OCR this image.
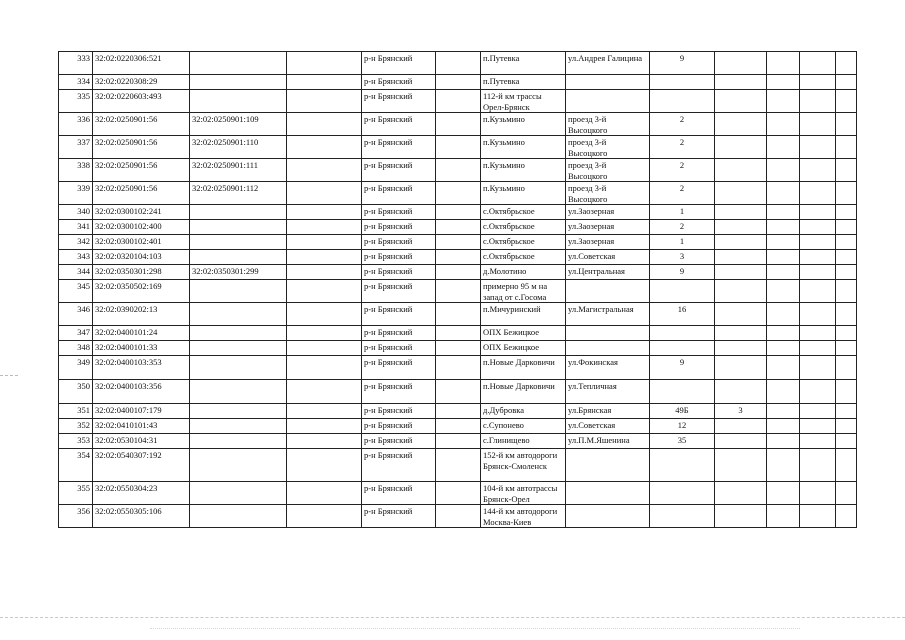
333	32:02:0220306:521			р-н Брянский		п.Путевка	ул.Андрея Галицина	9				
334	32:02:0220308:29			р-н Брянский		п.Путевка						
335	32:02:0220603:493			р-н Брянский		112-й км трассы Орел-Брянск						
336	32:02:0250901:56	32:02:0250901:109		р-н Брянский		п.Кузьмино	проезд 3-й Высоцкого	2				
337	32:02:0250901:56	32:02:0250901:110		р-н Брянский		п.Кузьмино	проезд 3-й Высоцкого	2				
338	32:02:0250901:56	32:02:0250901:111		р-н Брянский		п.Кузьмино	проезд 3-й Высоцкого	2				
339	32:02:0250901:56	32:02:0250901:112		р-н Брянский		п.Кузьмино	проезд 3-й Высоцкого	2				
340	32:02:0300102:241			р-н Брянский		с.Октябрьское	ул.Заозерная	1				
341	32:02:0300102:400			р-н Брянский		с.Октябрьское	ул.Заозерная	2				
342	32:02:0300102:401			р-н Брянский		с.Октябрьское	ул.Заозерная	1				
343	32:02:0320104:103			р-н Брянский		с.Октябрьское	ул.Советская	3				
344	32:02:0350301:298	32:02:0350301:299		р-н Брянский		д.Молотино	ул.Центральная	9				
345	32:02:0350502:169			р-н Брянский		примерно 95 м на запад от с.Госома						
346	32:02:0390202:13			р-н Брянский		п.Мичуринский	ул.Магистральная	16				
347	32:02:0400101:24			р-н Брянский		ОПХ Бежицкое						
348	32:02:0400101:33			р-н Брянский		ОПХ Бежицкое						
349	32:02:0400103:353			р-н Брянский		п.Новые Дарковичи	ул.Фокинская	9				
350	32:02:0400103:356			р-н Брянский		п.Новые Дарковичи	ул.Тепличная					
351	32:02:0400107:179			р-н Брянский		д.Дубровка	ул.Брянская	49Б	3			
352	32:02:0410101:43			р-н Брянский		с.Супонево	ул.Советская	12				
353	32:02:0530104:31			р-н Брянский		с.Глинищево	ул.П.М.Яшенина	35				
354	32:02:0540307:192			р-н Брянский		152-й км автодороги Брянск-Смоленск						
355	32:02:0550304:23			р-н Брянский		104-й км автотрассы Брянск-Орел						
356	32:02:0550305:106			р-н Брянский		144-й км автодороги Москва-Киев						
